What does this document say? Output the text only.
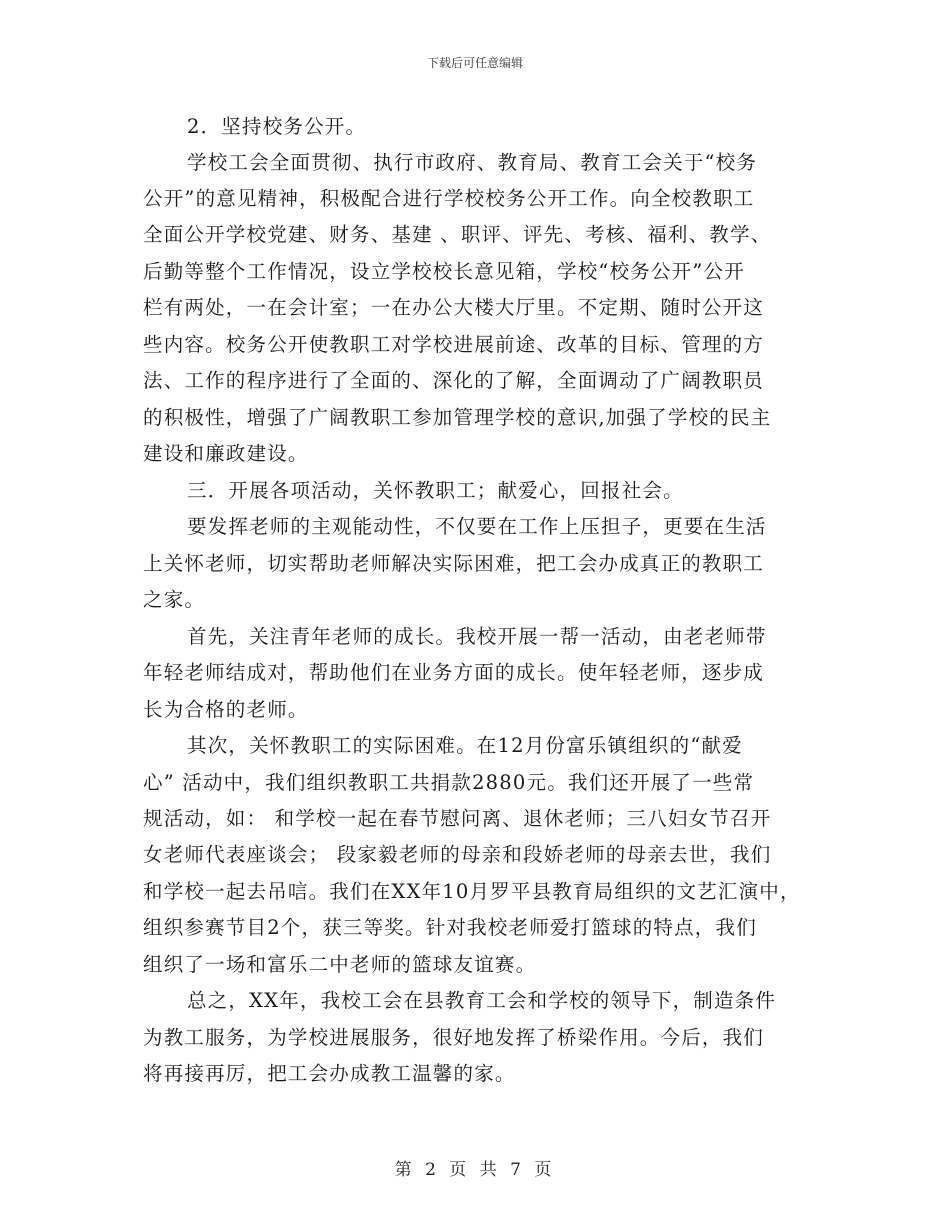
下载后可任意编辑
2．坚持校务公开。
学校工会全面贯彻、执行市政府、教育局、教育工会关于“校务
公开”的意见精神，积极配合进行学校校务公开工作。向全校教职工
全面公开学校党建、财务、基建 、职评、评先、考核、福利、教学、
后勤等整个工作情况，设立学校校长意见箱，学校“校务公开”公开
栏有两处，一在会计室；一在办公大楼大厅里。不定期、随时公开这
些内容。校务公开使教职工对学校进展前途、改革的目标、管理的方
法、工作的程序进行了全面的、深化的了解，全面调动了广阔教职员
的积极性，增强了广阔教职工参加管理学校的意识,加强了学校的民主
建设和廉政建设。
三．开展各项活动，关怀教职工；献爱心，回报社会。
要发挥老师的主观能动性，不仅要在工作上压担子，更要在生活
上关怀老师，切实帮助老师解决实际困难，把工会办成真正的教职工
之家。
首先，关注青年老师的成长。我校开展一帮一活动，由老老师带
年轻老师结成对，帮助他们在业务方面的成长。使年轻老师，逐步成
长为合格的老师。
其次，关怀教职工的实际困难。在12月份富乐镇组织的“献爱
心” 活动中，我们组织教职工共捐款2880元。我们还开展了一些常
规活动，如： 和学校一起在春节慰问离、退休老师；三八妇女节召开
女老师代表座谈会； 段家毅老师的母亲和段娇老师的母亲去世，我们
和学校一起去吊唁。我们在XX年10月罗平县教育局组织的文艺汇演中，
组织参赛节目2个，获三等奖。针对我校老师爱打篮球的特点，我们
组织了一场和富乐二中老师的篮球友谊赛。
总之，XX年，我校工会在县教育工会和学校的领导下，制造条件
为教工服务，为学校进展服务，很好地发挥了桥梁作用。今后，我们
将再接再厉，把工会办成教工温馨的家。
第 2 页 共 7 页
